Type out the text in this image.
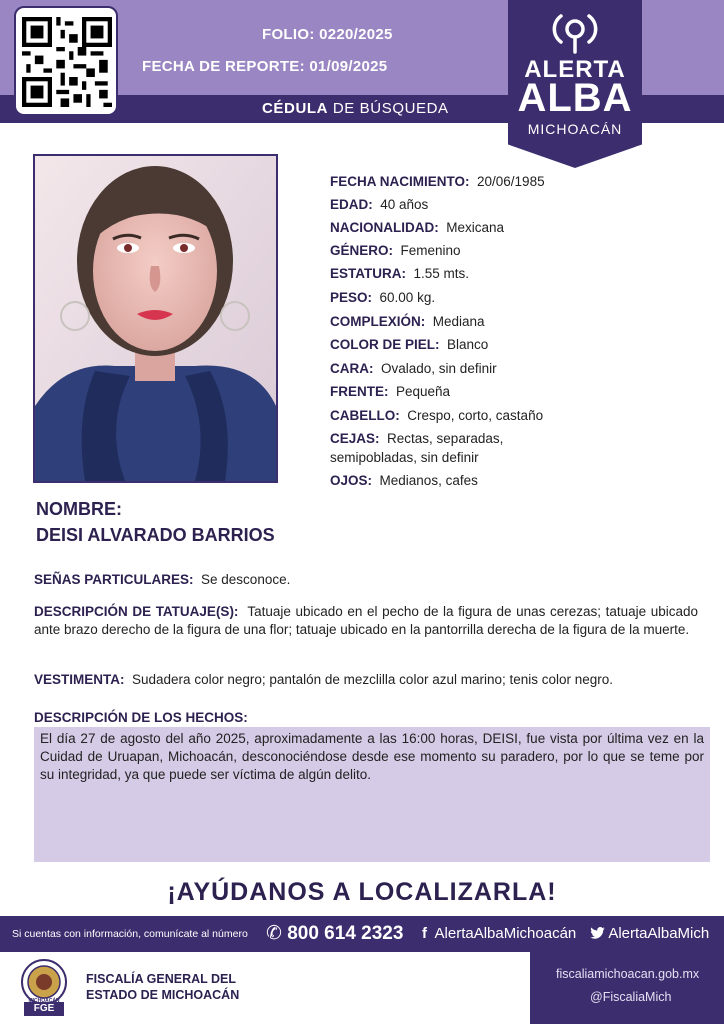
FOLIO: 0220/2025
FECHA DE REPORTE: 01/09/2025
CÉDULA DE BÚSQUEDA
ALERTA
ALBA
MICHOACÁN
FECHA NACIMIENTO: 20/06/1985
EDAD: 40 años
NACIONALIDAD: Mexicana
GÉNERO: Femenino
ESTATURA: 1.55 mts.
PESO: 60.00 kg.
COMPLEXIÓN: Mediana
COLOR DE PIEL: Blanco
CARA: Ovalado, sin definir
FRENTE: Pequeña
CABELLO: Crespo, corto, castaño
CEJAS: Rectas, separadas,
semipobladas, sin definir
OJOS: Medianos, cafes
NOMBRE:
DEISI ALVARADO BARRIOS
SEÑAS PARTICULARES: Se desconoce.
DESCRIPCIÓN DE TATUAJE(S): Tatuaje ubicado en el pecho de la figura de unas cerezas; tatuaje ubicado ante brazo derecho de la figura de una flor; tatuaje ubicado en la pantorrilla derecha de la figura de la muerte.
VESTIMENTA: Sudadera color negro; pantalón de mezclilla color azul marino; tenis color negro.
DESCRIPCIÓN DE LOS HECHOS:
El día 27 de agosto del año 2025, aproximadamente a las 16:00 horas, DEISI, fue vista por última vez en la Cuidad de Uruapan, Michoacán, desconociéndose desde ese momento su paradero, por lo que se teme por su integridad, ya que puede ser víctima de algún delito.
¡AYÚDANOS A LOCALIZARLA!
Si cuentas con información, comunícate al número ✆ 800 614 2323 f AlertaAlbaMichoacán	AlertaAlbaMich
MICHOACÁN
FGE
FISCALÍA GENERAL DEL
ESTADO DE MICHOACÁN
fiscaliamichoacan.gob.mx
@FiscaliaMich
